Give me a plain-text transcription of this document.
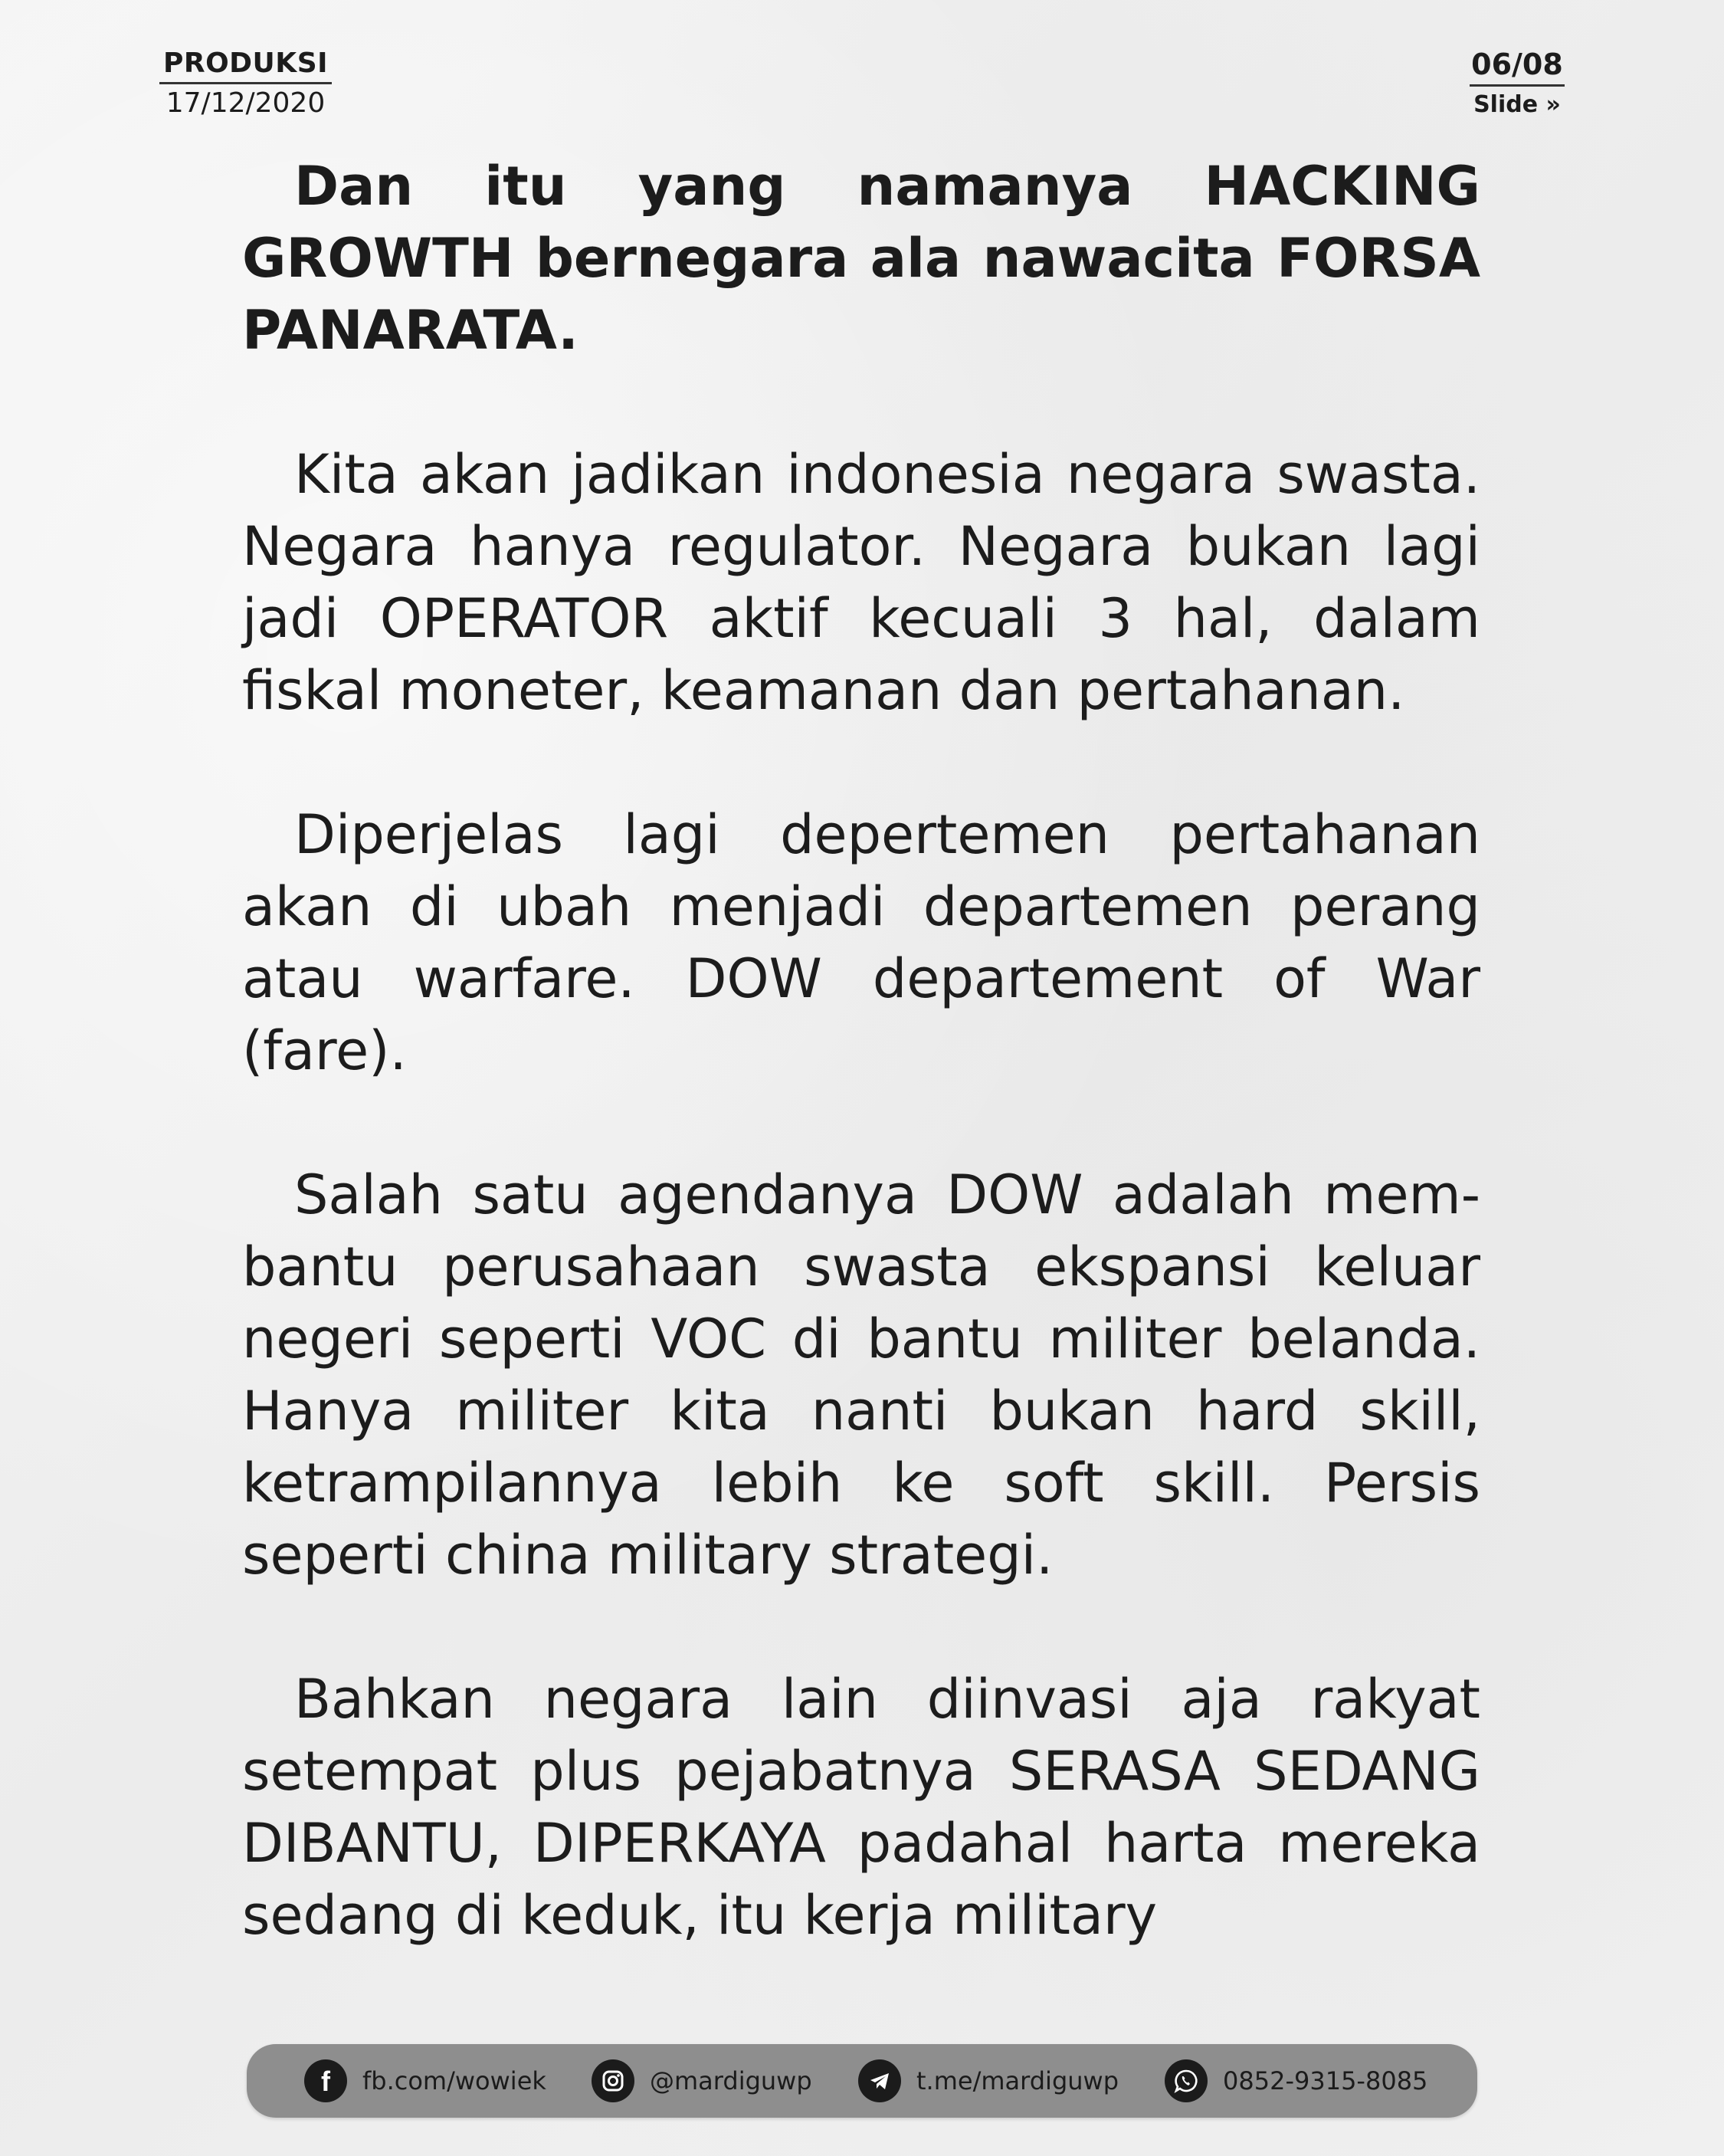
PRODUKSI
17/12/2020
06/08
Slide »

Dan itu yang namanya HACKING GROWTH bernegara ala nawacita FORSA PANARATA.

Kita akan jadikan indonesia negara swasta. Negara hanya regulator. Negara bukan lagi jadi OPERATOR aktif kecuali 3 hal, dalam fiskal moneter, keamanan dan pertahanan.

Diperjelas lagi depertemen pertahanan akan di ubah menjadi departemen perang atau warfare. DOW departement of War (fare).

Salah satu agendanya DOW adalah mem-bantu perusahaan swasta ekspansi keluar negeri seperti VOC di bantu militer belanda. Hanya militer kita nanti bukan hard skill, ketrampilannya lebih ke soft skill. Persis seperti china military strategi.

Bahkan negara lain diinvasi aja rakyat setempat plus pejabatnya SERASA SEDANG DIBANTU, DIPERKAYA padahal harta mereka sedang di keduk, itu kerja military

f fb.com/wowiek	@mardiguwp	t.me/mardiguwp	0852-9315-8085
